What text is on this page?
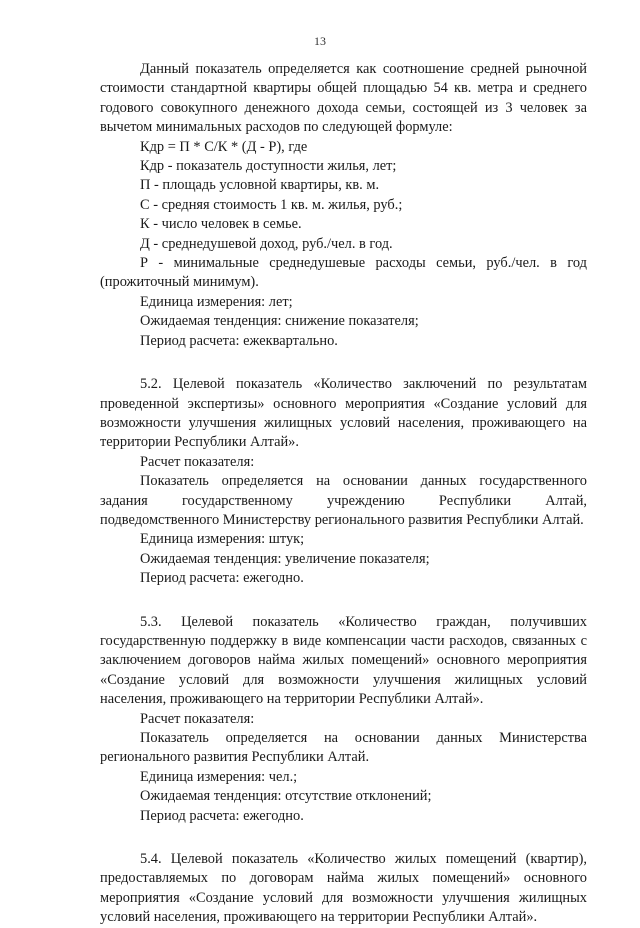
13

Данный показатель определяется как соотношение средней рыночной стоимости стандартной квартиры общей площадью 54 кв. метра и среднего годового совокупного денежного дохода семьи, состоящей из 3 человек за вычетом минимальных расходов по следующей формуле:

Кдр = П * С/К * (Д - Р), где

Кдр - показатель доступности жилья, лет;

П - площадь условной квартиры, кв. м.

С - средняя стоимость 1 кв. м. жилья, руб.;

К - число человек в семье.

Д - среднедушевой доход, руб./чел. в год.

Р - минимальные среднедушевые расходы семьи, руб./чел. в год (прожиточный минимум).

Единица измерения: лет;

Ожидаемая тенденция: снижение показателя;

Период расчета: ежеквартально.

5.2. Целевой показатель «Количество заключений по результатам проведенной экспертизы» основного мероприятия «Создание условий для возможности улучшения жилищных условий населения, проживающего на территории Республики Алтай».

Расчет показателя:

Показатель определяется на основании данных государственного задания государственному учреждению Республики Алтай, подведомственного Министерству регионального развития Республики Алтай.

Единица измерения: штук;

Ожидаемая тенденция: увеличение показателя;

Период расчета: ежегодно.

5.3. Целевой показатель «Количество граждан, получивших государственную поддержку в виде компенсации части расходов, связанных с заключением договоров найма жилых помещений» основного мероприятия «Создание условий для возможности улучшения жилищных условий населения, проживающего на территории Республики Алтай».

Расчет показателя:

Показатель определяется на основании данных Министерства регионального развития Республики Алтай.

Единица измерения: чел.;

Ожидаемая тенденция: отсутствие отклонений;

Период расчета: ежегодно.

5.4. Целевой показатель «Количество жилых помещений (квартир), предоставляемых по договорам найма жилых помещений» основного мероприятия «Создание условий для возможности улучшения жилищных условий населения, проживающего на территории Республики Алтай».
